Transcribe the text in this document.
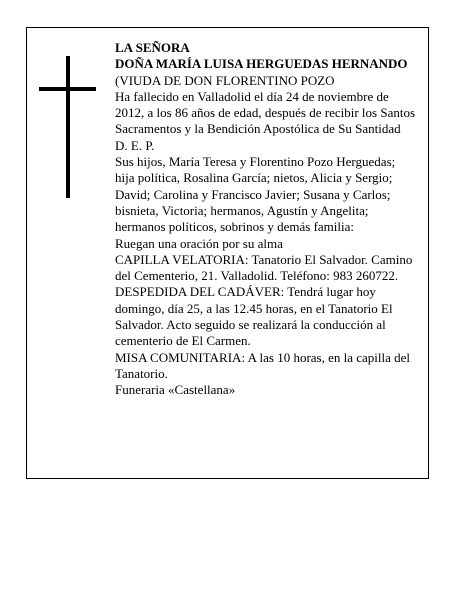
LA SEÑORA

DOÑA MARÍA LUISA HERGUEDAS HERNANDO

(VIUDA DE DON FLORENTINO POZO

Ha fallecido en Valladolid el día 24 de noviembre de 2012, a los 86 años de edad, después de recibir los Santos Sacramentos y la Bendición Apostólica de Su Santidad

D. E. P.

Sus hijos, María Teresa y Florentino Pozo Herguedas; hija política, Rosalina García; nietos, Alicia y Sergio; David; Carolina y Francisco Javier; Susana y Carlos; bisnieta, Victoria; hermanos, Agustín y Angelita; hermanos políticos, sobrinos y demás familia:

Ruegan una oración por su alma

CAPILLA VELATORIA: Tanatorio El Salvador. Camino del Cementerio, 21. Valladolid. Teléfono: 983 260722.

DESPEDIDA DEL CADÁVER: Tendrá lugar hoy domingo, día 25, a las 12.45 horas, en el Tanatorio El Salvador. Acto seguido se realizará la conducción al cementerio de El Carmen.

MISA COMUNITARIA: A las 10 horas, en la capilla del Tanatorio.

Funeraria «Castellana»
